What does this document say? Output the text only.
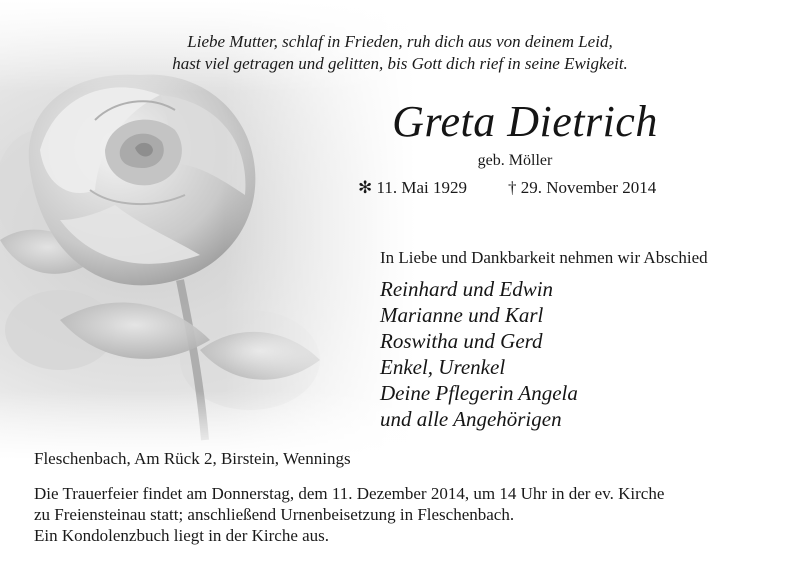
Liebe Mutter, schlaf in Frieden, ruh dich aus von deinem Leid,
hast viel getragen und gelitten, bis Gott dich rief in seine Ewigkeit.
Greta Dietrich
geb. Möller
✻ 11. Mai 1929 † 29. November 2014
In Liebe und Dankbarkeit nehmen wir Abschied
Reinhard und Edwin
Marianne und Karl
Roswitha und Gerd
Enkel, Urenkel
Deine Pflegerin Angela
und alle Angehörigen
Fleschenbach, Am Rück 2, Birstein, Wennings
Die Trauerfeier findet am Donnerstag, dem 11. Dezember 2014, um 14 Uhr in der ev. Kirche
zu Freiensteinau statt; anschließend Urnenbeisetzung in Fleschenbach.
Ein Kondolenzbuch liegt in der Kirche aus.
